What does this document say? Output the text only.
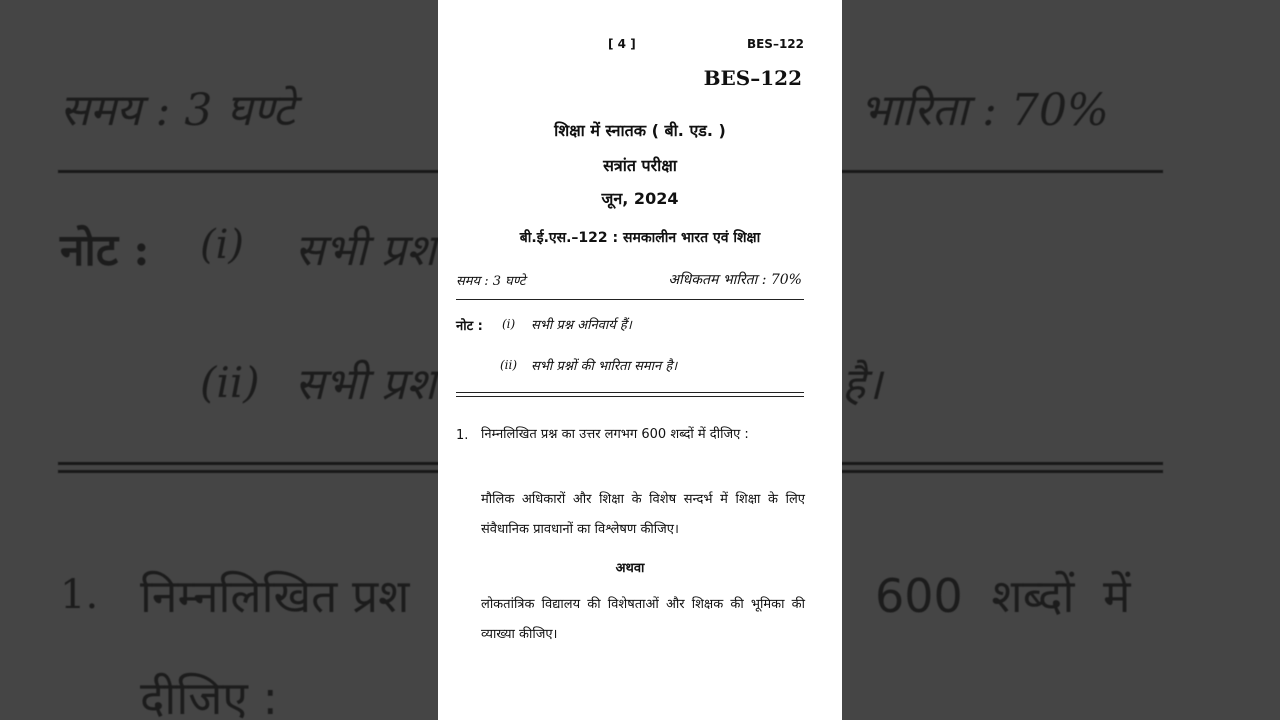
समय : 3 घण्टे	भारिता : 70%
नोट : (i) सभी प्रश
(ii) सभी प्रश	है।
1. निम्नलिखित प्रश	600 शब्दों में
दीजिए :
[ 4 ]	BES–122
BES–122
शिक्षा में स्नातक ( बी. एड. )
सत्रांत परीक्षा
जून, 2024
बी.ई.एस.–122 : समकालीन भारत एवं शिक्षा
समय : 3 घण्टे	अधिकतम भारिता : 70%
नोट : (i) सभी प्रश्न अनिवार्य हैं।
(ii) सभी प्रश्नों की भारिता समान है।
1. निम्नलिखित प्रश्न का उत्तर लगभग 600 शब्दों में दीजिए :
मौलिक अधिकारों और शिक्षा के विशेष सन्दर्भ में शिक्षा के लिए संवैधानिक प्रावधानों का विश्लेषण कीजिए।
अथवा
लोकतांत्रिक विद्यालय की विशेषताओं और शिक्षक की भूमिका की व्याख्या कीजिए।
